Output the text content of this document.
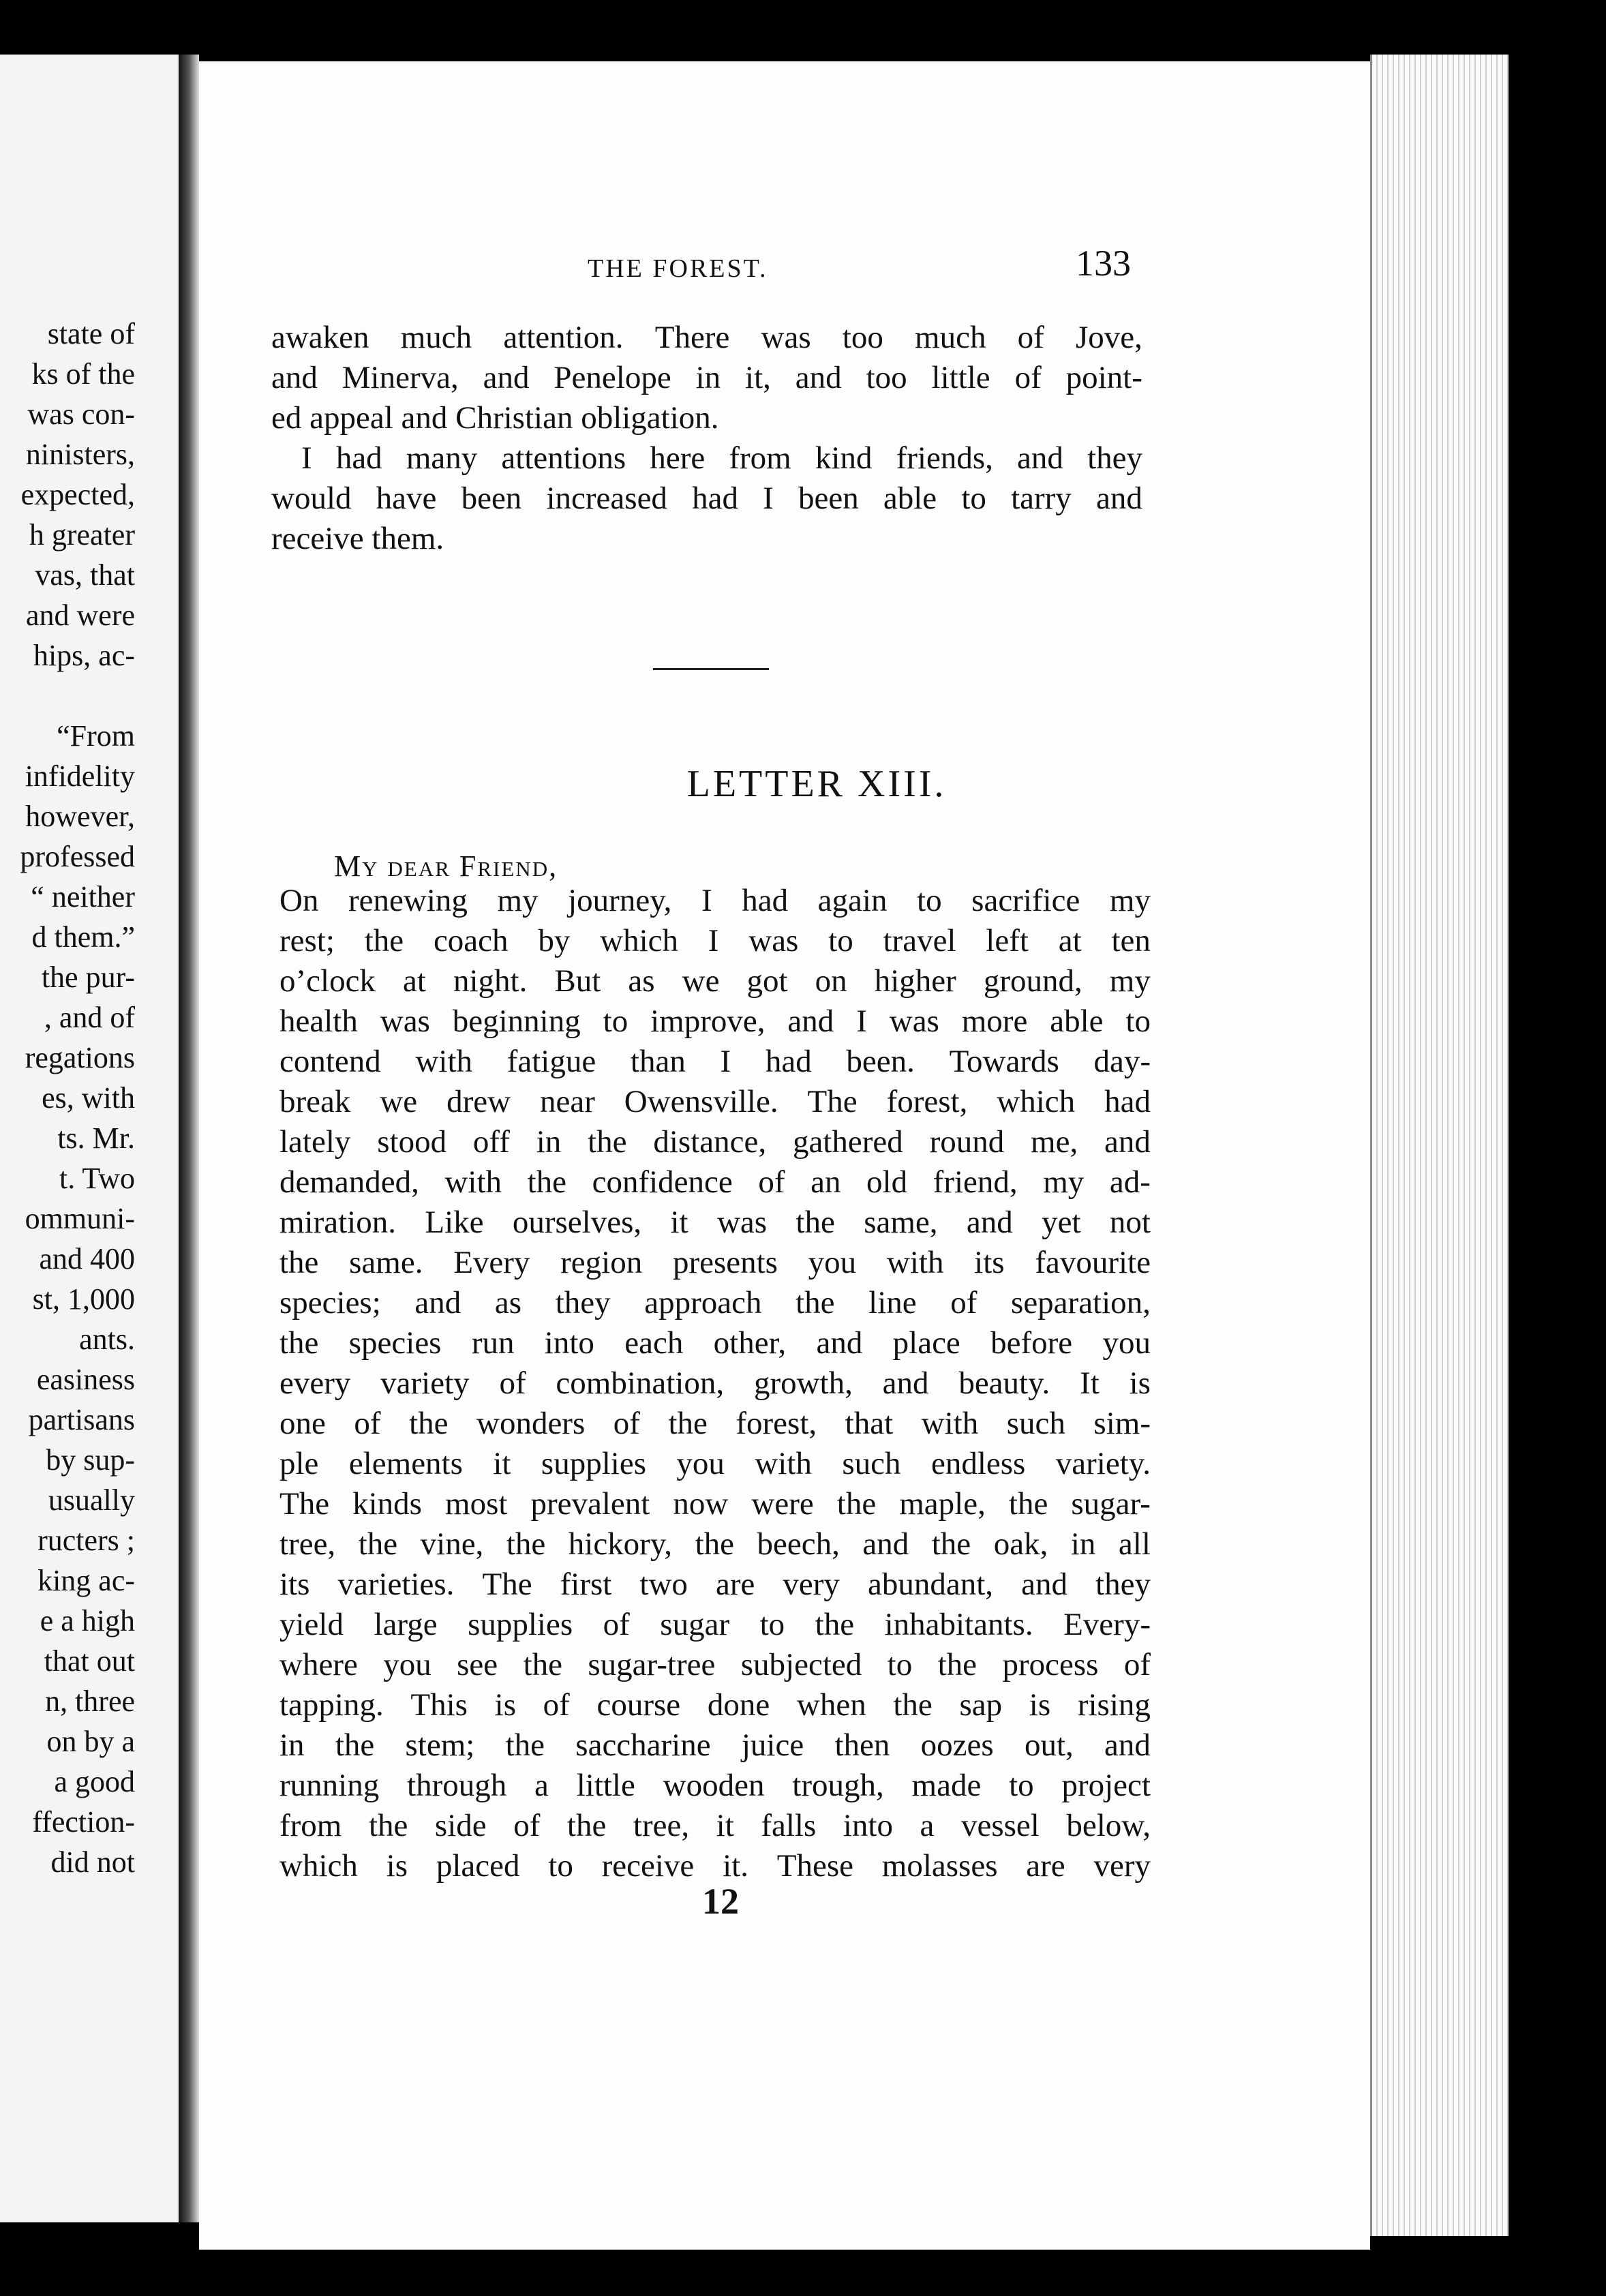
state of
ks of the
was con-
ninisters,
expected,
h greater
vas, that
and were
hips, ac-
“From
infidelity
however,
professed
“ neither
d them.”
the pur-
, and of
regations
es, with
ts. Mr.
t. Two
ommuni-
and 400
st, 1,000
ants.
easiness
partisans
by sup-
usually
ructers ;
king ac-
e a high
that out
n, three
on by a
a good
ffection-
did not
THE FOREST.	133
awaken much attention. There was too much of Jove,
and Minerva, and Penelope in it, and too little of point-
ed appeal and Christian obligation.
I had many attentions here from kind friends, and they
would have been increased had I been able to tarry and
receive them.
LETTER XIII.
My dear Friend,
On renewing my journey, I had again to sacrifice my
rest; the coach by which I was to travel left at ten
o’clock at night. But as we got on higher ground, my
health was beginning to improve, and I was more able to
contend with fatigue than I had been. Towards day-
break we drew near Owensville. The forest, which had
lately stood off in the distance, gathered round me, and
demanded, with the confidence of an old friend, my ad-
miration. Like ourselves, it was the same, and yet not
the same. Every region presents you with its favourite
species; and as they approach the line of separation,
the species run into each other, and place before you
every variety of combination, growth, and beauty. It is
one of the wonders of the forest, that with such sim-
ple elements it supplies you with such endless variety.
The kinds most prevalent now were the maple, the sugar-
tree, the vine, the hickory, the beech, and the oak, in all
its varieties. The first two are very abundant, and they
yield large supplies of sugar to the inhabitants. Every-
where you see the sugar-tree subjected to the process of
tapping. This is of course done when the sap is rising
in the stem; the saccharine juice then oozes out, and
running through a little wooden trough, made to project
from the side of the tree, it falls into a vessel below,
which is placed to receive it. These molasses are very
12
